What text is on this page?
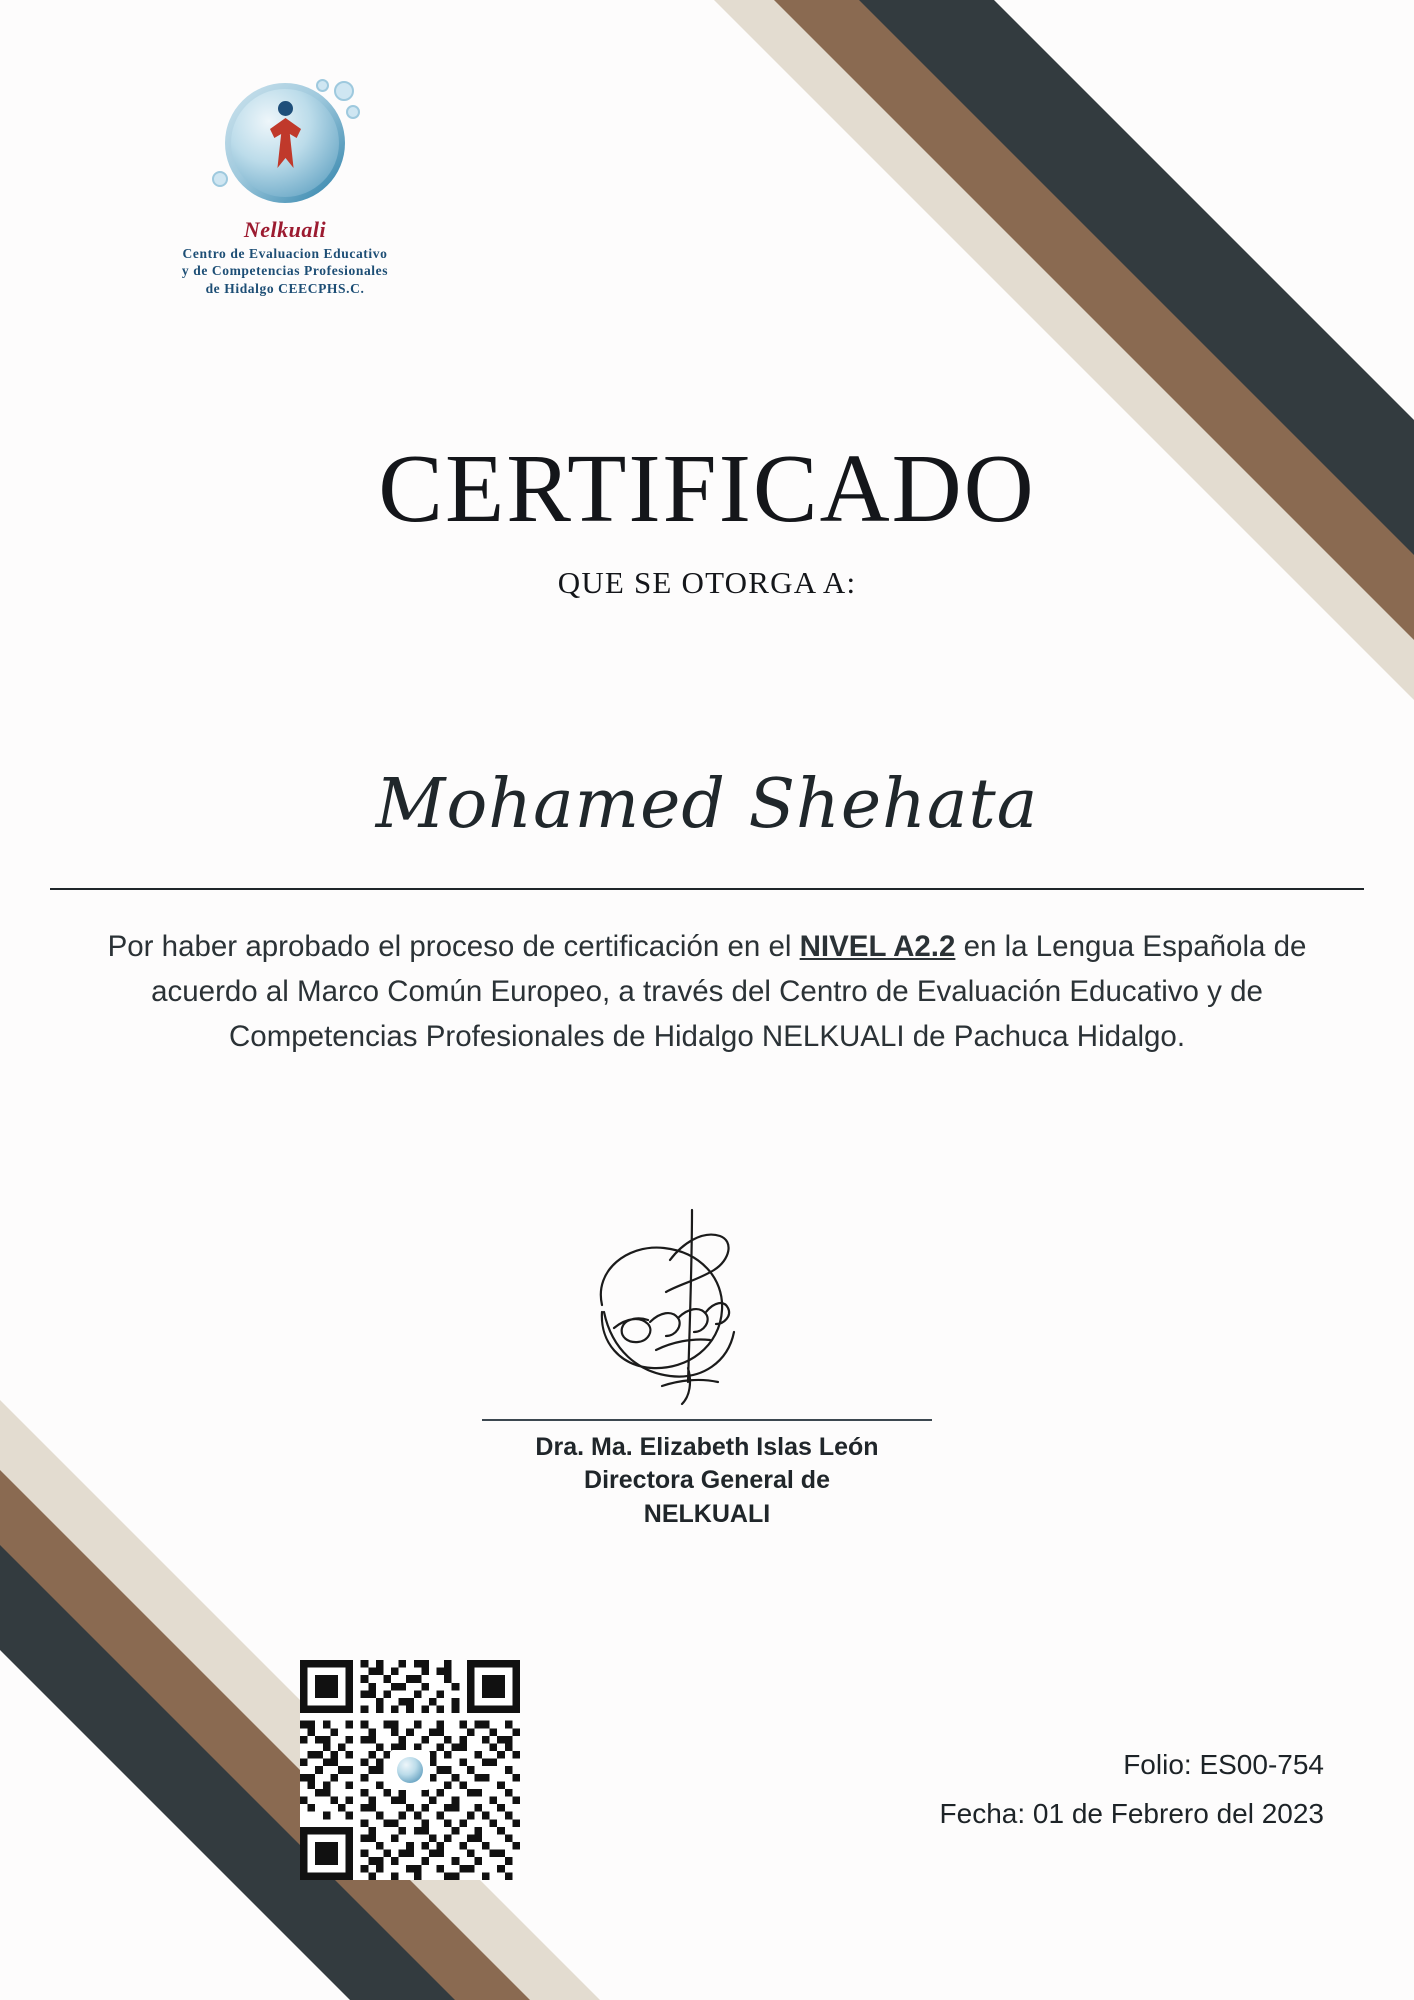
Nelkuali
Centro de Evaluacion Educativo
y de Competencias Profesionales
de Hidalgo CEECPHS.C.
CERTIFICADO
QUE SE OTORGA A:
Mohamed Shehata
Por haber aprobado el proceso de certificación en el NIVEL A2.2 en la Lengua Española de acuerdo al Marco Común Europeo, a través del Centro de Evaluación Educativo y de Competencias Profesionales de Hidalgo NELKUALI de Pachuca Hidalgo.
Dra. Ma. Elizabeth Islas León
Directora General de
NELKUALI
Folio: ES00-754
Fecha: 01 de Febrero del 2023
